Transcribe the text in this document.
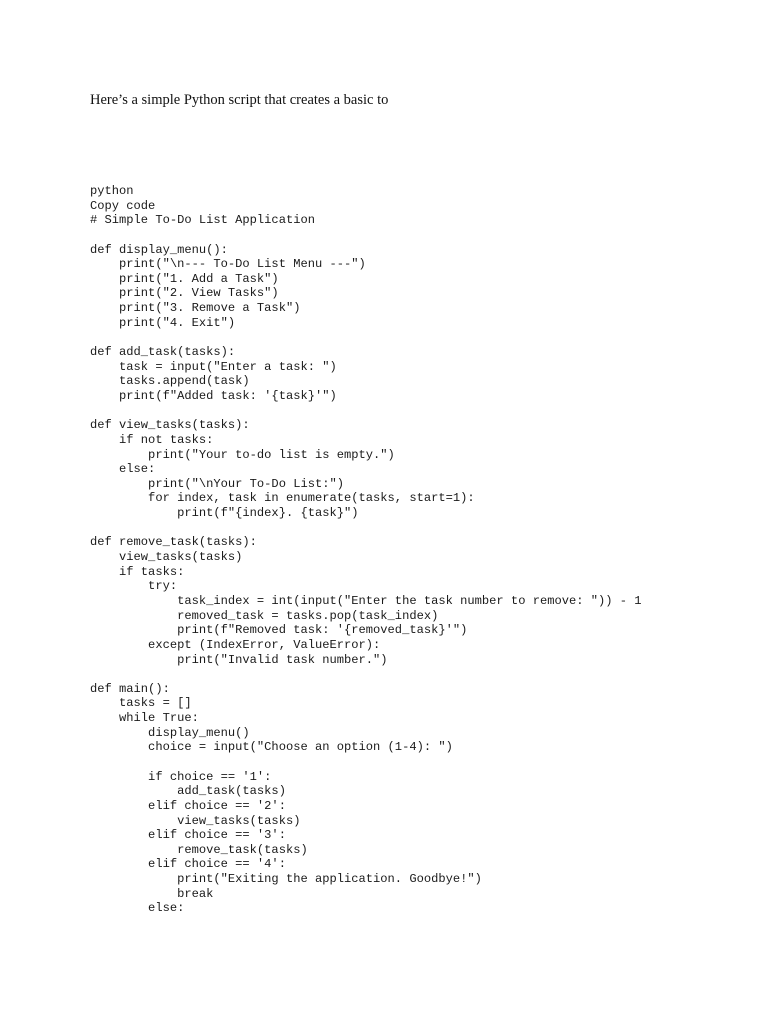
Here’s a simple Python script that creates a basic to

python
Copy code
# Simple To-Do List Application
def display_menu():
print("\n--- To-Do List Menu ---")
print("1. Add a Task")
print("2. View Tasks")
print("3. Remove a Task")
print("4. Exit")
def add_task(tasks):
task = input("Enter a task: ")
tasks.append(task)
print(f"Added task: '{task}'")
def view_tasks(tasks):
if not tasks:
print("Your to-do list is empty.")
else:
print("\nYour To-Do List:")
for index, task in enumerate(tasks, start=1):
print(f"{index}. {task}")
def remove_task(tasks):
view_tasks(tasks)
if tasks:
try:
task_index = int(input("Enter the task number to remove: ")) - 1
removed_task = tasks.pop(task_index)
print(f"Removed task: '{removed_task}'")
except (IndexError, ValueError):
print("Invalid task number.")
def main():
tasks = []
while True:
display_menu()
choice = input("Choose an option (1-4): ")
if choice == '1':
add_task(tasks)
elif choice == '2':
view_tasks(tasks)
elif choice == '3':
remove_task(tasks)
elif choice == '4':
print("Exiting the application. Goodbye!")
break
else:
